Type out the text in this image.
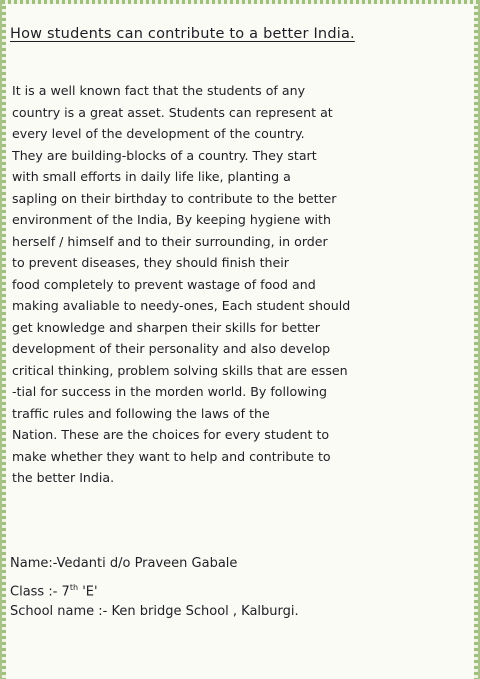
How students can contribute to a better India.
It is a well known fact that the students of any
country is a great asset. Students can represent at
every level of the development of the country.
They are building-blocks of a country. They start
with small efforts in daily life like, planting a
sapling on their birthday to contribute to the better
environment of the India, By keeping hygiene with
herself / himself and to their surrounding, in order
to prevent diseases, they should finish their
food completely to prevent wastage of food and
making avaliable to needy-ones, Each student should
get knowledge and sharpen their skills for better
development of their personality and also develop
critical thinking, problem solving skills that are essen
-tial for success in the morden world. By following
traffic rules and following the laws of the
Nation. These are the choices for every student to
make whether they want to help and contribute to
the better India.
Name:-Vedanti d/o Praveen Gabale
Class :- 7th 'E'
School name :- Ken bridge School , Kalburgi.
